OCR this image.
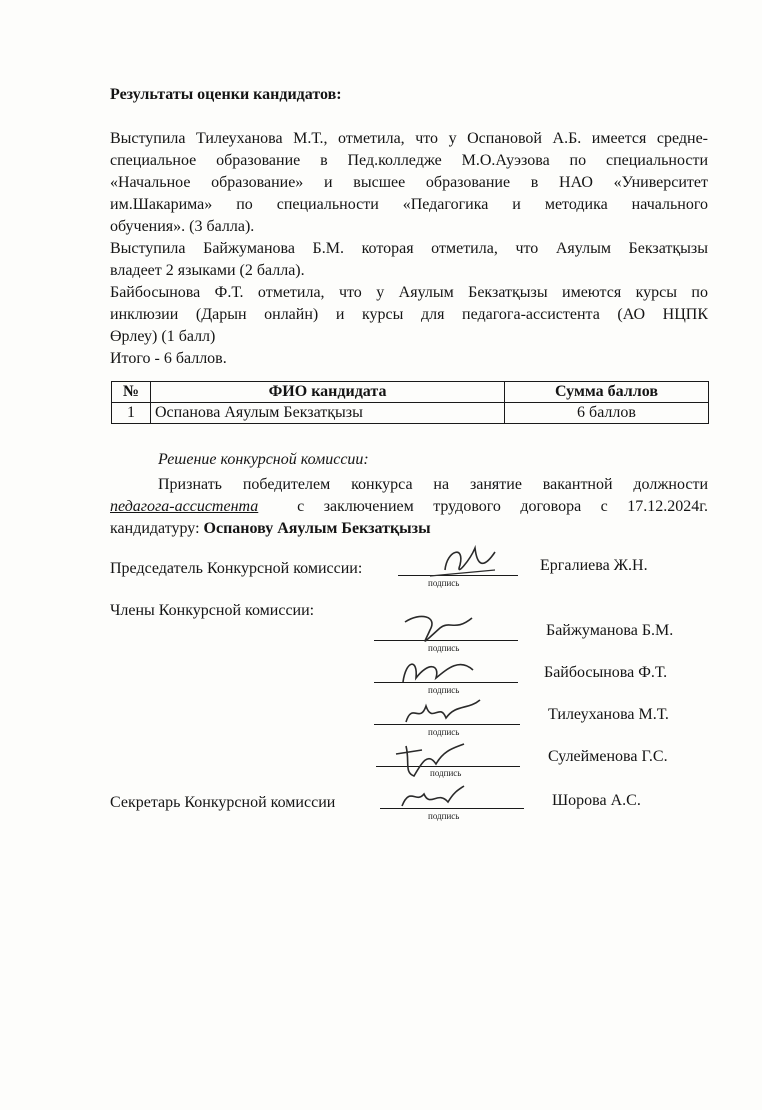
Результаты оценки кандидатов:
Выступила Тилеуханова М.Т., отметила, что у Оспановой А.Б. имеется средне-
специальное образование в Пед.колледже М.О.Ауэзова по специальности
«Начальное образование» и высшее образование в НАО «Университет
им.Шакарима» по специальности «Педагогика и методика начального
обучения». (3 балла).
Выступила Байжуманова Б.М. которая отметила, что Аяулым Бекзатқызы
владеет 2 языками (2 балла).
Байбосынова Ф.Т. отметила, что у Аяулым Бекзатқызы имеются курсы по
инклюзии (Дарын онлайн) и курсы для педагога-ассистента (АО НЦПК
Өрлеу) (1 балл)
Итого - 6 баллов.
№	ФИО кандидата	Сумма баллов
1	Оспанова Аяулым Бекзатқызы	6 баллов
Решение конкурсной комиссии:
Признать победителем конкурса на занятие вакантной должности
педагога-ассистента с заключением трудового договора с 17.12.2024г.
кандидатуру: Оспанову Аяулым Бекзатқызы
Председатель Конкурсной комиссии:
подпись
Ергалиева Ж.Н.
Члены Конкурсной комиссии:
подпись
Байжуманова Б.М.
подпись
Байбосынова Ф.Т.
подпись
Тилеуханова М.Т.
подпись
Сулейменова Г.С.
Секретарь Конкурсной комиссии
подпись
Шорова А.С.
